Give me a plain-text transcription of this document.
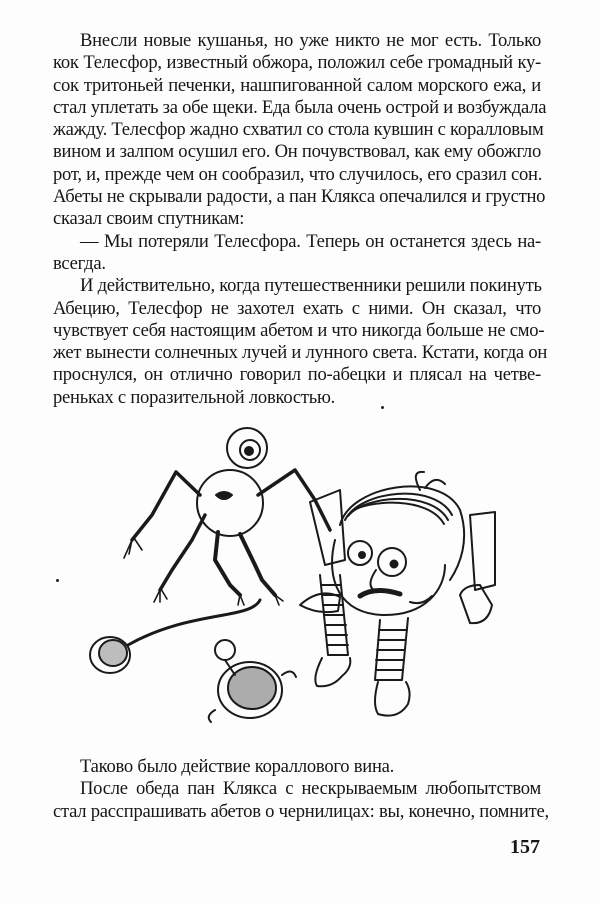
Внесли новые кушанья, но уже никто не мог есть. Только
кок Телесфор, известный обжора, положил себе громадный ку-
сок тритоньей печенки, нашпигованной салом морского ежа, и
стал уплетать за обе щеки. Еда была очень острой и возбуждала
жажду. Телесфор жадно схватил со стола кувшин с коралловым
вином и залпом осушил его. Он почувствовал, как ему обожгло
рот, и, прежде чем он сообразил, что случилось, его сразил сон.
Абеты не скрывали радости, а пан Клякса опечалился и грустно
сказал своим спутникам:
— Мы потеряли Телесфора. Теперь он останется здесь на-
всегда.
И действительно, когда путешественники решили покинуть
Абецию, Телесфор не захотел ехать с ними. Он сказал, что
чувствует себя настоящим абетом и что никогда больше не смо-
жет вынести солнечных лучей и лунного света. Кстати, когда он
проснулся, он отлично говорил по-абецки и плясал на четве-
реньках с поразительной ловкостью.
Таково было действие кораллового вина.
После обеда пан Клякса с нескрываемым любопытством
стал расспрашивать абетов о чернилицах: вы, конечно, помните,
157
